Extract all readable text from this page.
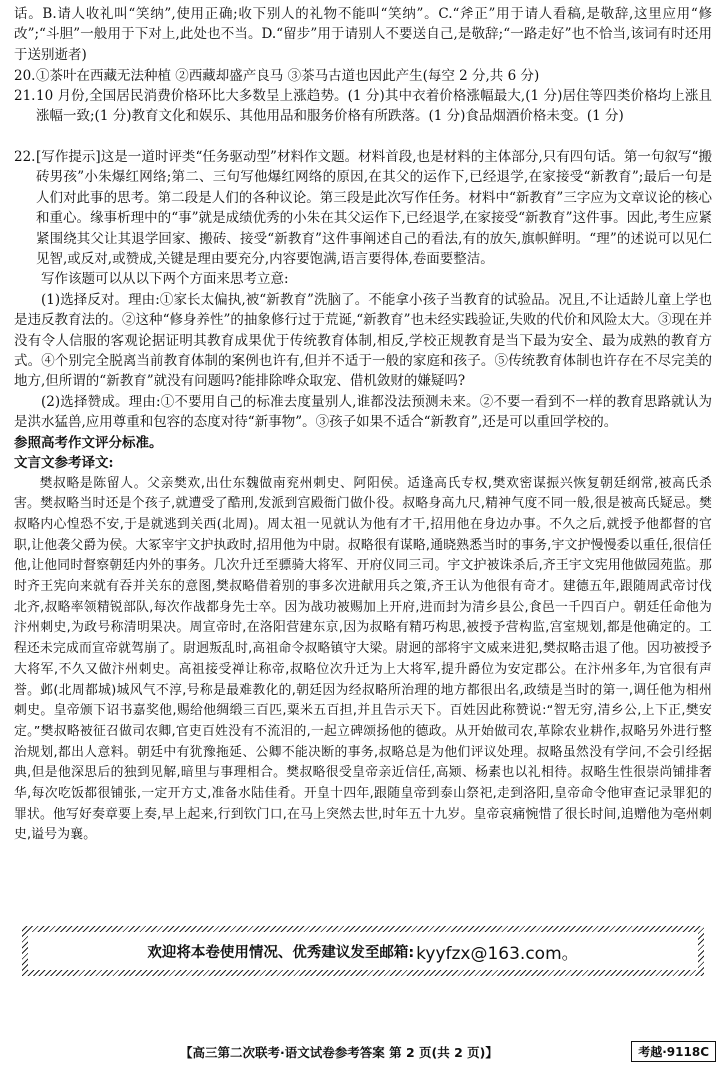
话。B.请人收礼叫“笑纳”,使用正确;收下别人的礼物不能叫“笑纳”。C.“斧正”用于请人看稿,是敬辞,这里应用“修改”;“斗胆”一般用于下对上,此处也不当。D.“留步”用于请别人不要送自己,是敬辞;“一路走好”也不恰当,该词有时还用于送别逝者)

20. ①茶叶在西藏无法种植 ②西藏却盛产良马 ③茶马古道也因此产生(每空 2 分,共 6 分)

21. 10 月份,全国居民消费价格环比大多数呈上涨趋势。(1 分)其中衣着价格涨幅最大,(1 分)居住等四类价格均上涨且涨幅一致;(1 分)教育文化和娱乐、其他用品和服务价格有所跌落。(1 分)食品烟酒价格未变。(1 分)

22. [写作提示]这是一道时评类“任务驱动型”材料作文题。材料首段,也是材料的主体部分,只有四句话。第一句叙写“搬砖男孩”小朱爆红网络;第二、三句写他爆红网络的原因,在其父的运作下,已经退学,在家接受“新教育”;最后一句是人们对此事的思考。第二段是人们的各种议论。第三段是此次写作任务。材料中“新教育”三字应为文章议论的核心和重心。缘事析理中的“事”就是成绩优秀的小朱在其父运作下,已经退学,在家接受“新教育”这件事。因此,考生应紧紧围绕其父让其退学回家、搬砖、接受“新教育”这件事阐述自己的看法,有的放矢,旗帜鲜明。“理”的述说可以见仁见智,或反对,或赞成,关键是理由要充分,内容要饱满,语言要得体,卷面要整洁。

写作该题可以从以下两个方面来思考立意:

(1)选择反对。理由:①家长太偏执,被“新教育”洗脑了。不能拿小孩子当教育的试验品。况且,不让适龄儿童上学也是违反教育法的。②这种“修身养性”的抽象修行过于荒诞,“新教育”也未经实践验证,失败的代价和风险太大。③现在并没有令人信服的客观论据证明其教育成果优于传统教育体制,相反,学校正规教育是当下最为安全、最为成熟的教育方式。④个别完全脱离当前教育体制的案例也许有,但并不适于一般的家庭和孩子。⑤传统教育体制也许存在不尽完美的地方,但所谓的“新教育”就没有问题吗?能排除哗众取宠、借机敛财的嫌疑吗?

(2)选择赞成。理由:①不要用自己的标准去度量别人,谁都没法预测未来。②不要一看到不一样的教育思路就认为是洪水猛兽,应用尊重和包容的态度对待“新事物”。③孩子如果不适合“新教育”,还是可以重回学校的。

参照高考作文评分标准。

文言文参考译文:

樊叔略是陈留人。父亲樊欢,出仕东魏做南兖州刺史、阿阳侯。适逢高氏专权,樊欢密谋振兴恢复朝廷纲常,被高氏杀害。樊叔略当时还是个孩子,就遭受了酷刑,发派到宫殿衙门做仆役。叔略身高九尺,精神气度不同一般,很是被高氏疑忌。樊叔略内心惶恐不安,于是就逃到关西(北周)。周太祖一见就认为他有才干,招用他在身边办事。不久之后,就授予他都督的官职,让他袭父爵为侯。大冢宰宇文护执政时,招用他为中尉。叔略很有谋略,通晓熟悉当时的事务,宇文护慢慢委以重任,很信任他,让他同时督察朝廷内外的事务。几次升迁至骠骑大将军、开府仪同三司。宇文护被诛杀后,齐王宇文宪用他做园苑监。那时齐王宪向来就有吞并关东的意图,樊叔略借着别的事多次进献用兵之策,齐王认为他很有奇才。建德五年,跟随周武帝讨伐北齐,叔略率领精锐部队,每次作战都身先士卒。因为战功被赐加上开府,进而封为清乡县公,食邑一千四百户。朝廷任命他为汴州刺史,为政号称清明果决。周宣帝时,在洛阳营建东京,因为叔略有精巧构思,被授予营构监,宫室规划,都是他确定的。工程还未完成而宣帝就驾崩了。尉迥叛乱时,高祖命令叔略镇守大梁。尉迥的部将宇文威来进犯,樊叔略击退了他。因功被授予大将军,不久又做汴州刺史。高祖接受禅让称帝,叔略位次升迁为上大将军,提升爵位为安定郡公。在汴州多年,为官很有声誉。邺(北周都城)城风气不淳,号称是最难教化的,朝廷因为经叔略所治理的地方都很出名,政绩是当时的第一,调任他为相州刺史。皇帝颁下诏书嘉奖他,赐给他绸缎三百匹,粟米五百担,并且告示天下。百姓因此称赞说:“智无穷,清乡公,上下正,樊安定。”樊叔略被征召做司农卿,官吏百姓没有不流泪的,一起立碑颂扬他的德政。从开始做司农,革除农业耕作,叔略另外进行整治规划,都出人意料。朝廷中有犹豫拖延、公卿不能决断的事务,叔略总是为他们评议处理。叔略虽然没有学问,不会引经据典,但是他深思后的独到见解,暗里与事理相合。樊叔略很受皇帝亲近信任,高颎、杨素也以礼相待。叔略生性很崇尚铺排奢华,每次吃饭都很铺张,一定开方丈,准备水陆佳肴。开皇十四年,跟随皇帝到泰山祭祀,走到洛阳,皇帝命令他审查记录罪犯的罪状。他写好奏章要上奏,早上起来,行到钦门口,在马上突然去世,时年五十九岁。皇帝哀痛惋惜了很长时间,追赠他为亳州刺史,谥号为襄。

欢迎将本卷使用情况、优秀建议发至邮箱: kyyfzx@163.com。
【高三第二次联考·语文试卷参考答案 第 2 页(共 2 页)】	考越·9118C
